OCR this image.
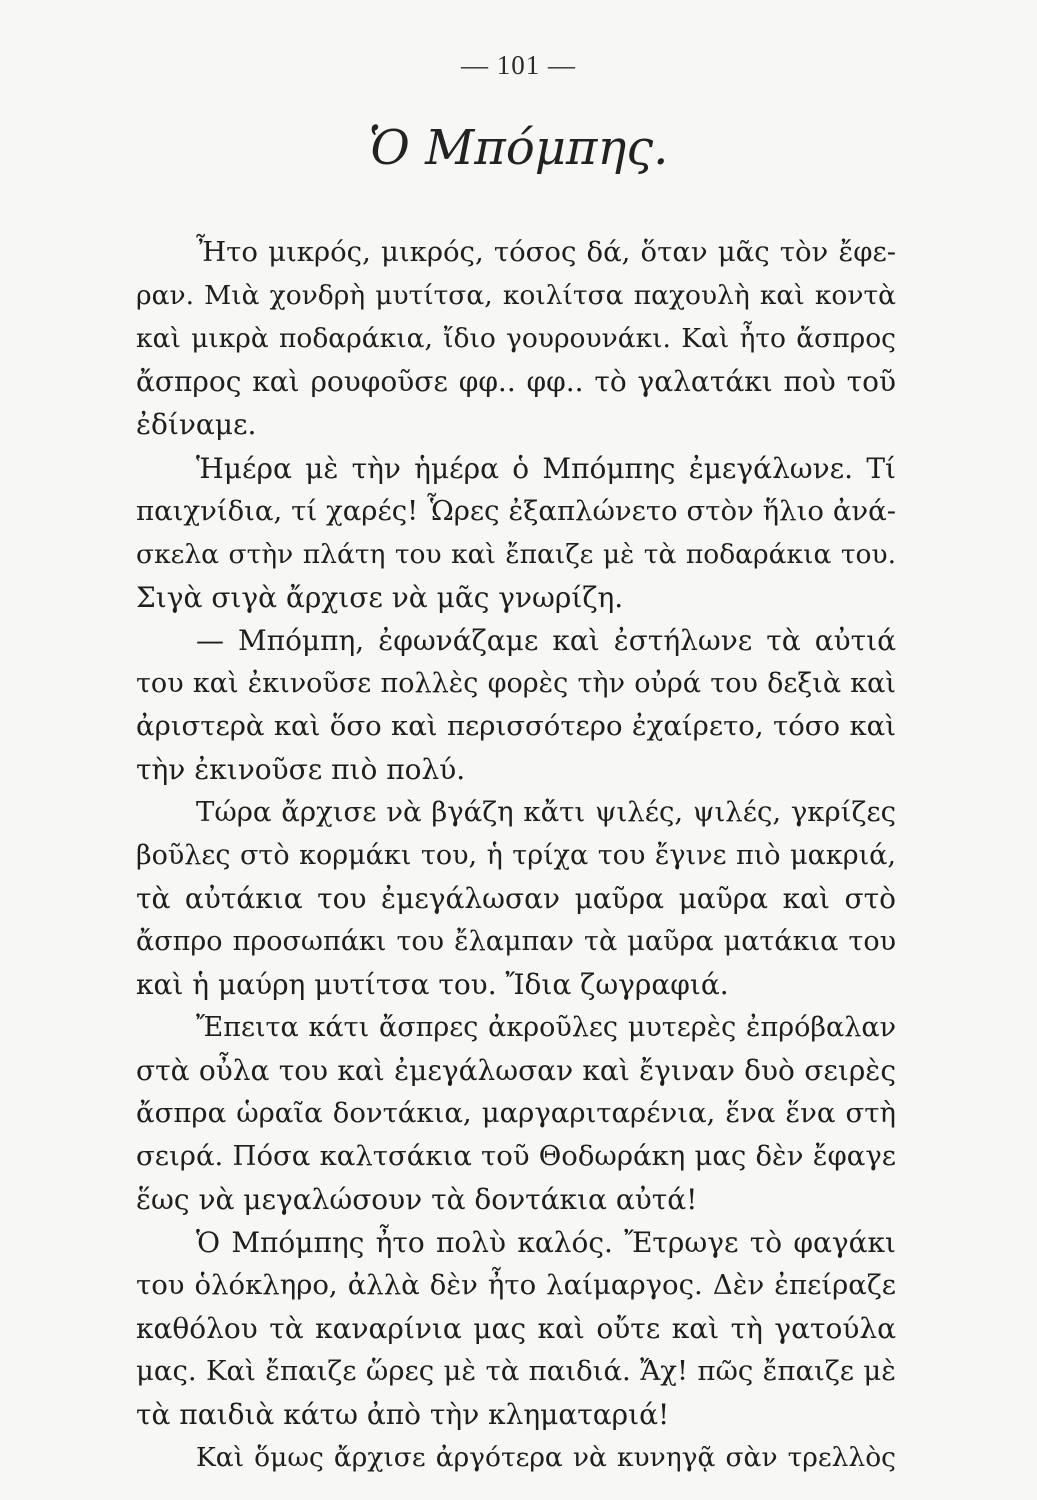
— 101 —
Ὁ Μπόμπης.
Ἦτο μικρός, μικρός, τόσος δά, ὅταν μᾶς τὸν ἔφε-
ραν. Μιὰ χονδρὴ μυτίτσα, κοιλίτσα παχουλὴ καὶ κοντὰ
καὶ μικρὰ ποδαράκια, ἴδιο γουρουνάκι. Καὶ ἦτο ἄσπρος
ἄσπρος καὶ ρουφοῦσε φφ.. φφ.. τὸ γαλατάκι ποὺ τοῦ
ἐδίναμε.
Ἡμέρα μὲ τὴν ἡμέρα ὁ Μπόμπης ἐμεγάλωνε. Τί
παιχνίδια, τί χαρές! Ὧρες ἐξαπλώνετο στὸν ἥλιο ἀνά-
σκελα στὴν πλάτη του καὶ ἔπαιζε μὲ τὰ ποδαράκια του.
Σιγὰ σιγὰ ἄρχισε νὰ μᾶς γνωρίζη.
— Μπόμπη, ἐφωνάζαμε καὶ ἐστήλωνε τὰ αὐτιά
του καὶ ἐκινοῦσε πολλὲς φορὲς τὴν οὐρά του δεξιὰ καὶ
ἀριστερὰ καὶ ὅσο καὶ περισσότερο ἐχαίρετο, τόσο καὶ
τὴν ἐκινοῦσε πιὸ πολύ.
Τώρα ἄρχισε νὰ βγάζη κἄτι ψιλές, ψιλές, γκρίζες
βοῦλες στὸ κορμάκι του, ἡ τρίχα του ἔγινε πιὸ μακριά,
τὰ αὐτάκια του ἐμεγάλωσαν μαῦρα μαῦρα καὶ στὸ
ἄσπρο προσωπάκι του ἔλαμπαν τὰ μαῦρα ματάκια του
καὶ ἡ μαύρη μυτίτσα του. Ἴδια ζωγραφιά.
Ἔπειτα κάτι ἄσπρες ἀκροῦλες μυτερὲς ἐπρόβαλαν
στὰ οὖλα του καὶ ἐμεγάλωσαν καὶ ἔγιναν δυὸ σειρὲς
ἄσπρα ὡραῖα δοντάκια, μαργαριταρένια, ἕνα ἕνα στὴ
σειρά. Πόσα καλτσάκια τοῦ Θοδωράκη μας δὲν ἔφαγε
ἕως νὰ μεγαλώσουν τὰ δοντάκια αὐτά!
Ὁ Μπόμπης ἦτο πολὺ καλός. Ἔτρωγε τὸ φαγάκι
του ὁλόκληρο, ἀλλὰ δὲν ἦτο λαίμαργος. Δὲν ἐπείραζε
καθόλου τὰ καναρίνια μας καὶ οὔτε καὶ τὴ γατούλα
μας. Καὶ ἔπαιζε ὥρες μὲ τὰ παιδιά. Ἄχ! πῶς ἔπαιζε μὲ
τὰ παιδιὰ κάτω ἀπὸ τὴν κληματαριά!
Καὶ ὅμως ἄρχισε ἀργότερα νὰ κυνηγᾷ σὰν τρελλὸς
